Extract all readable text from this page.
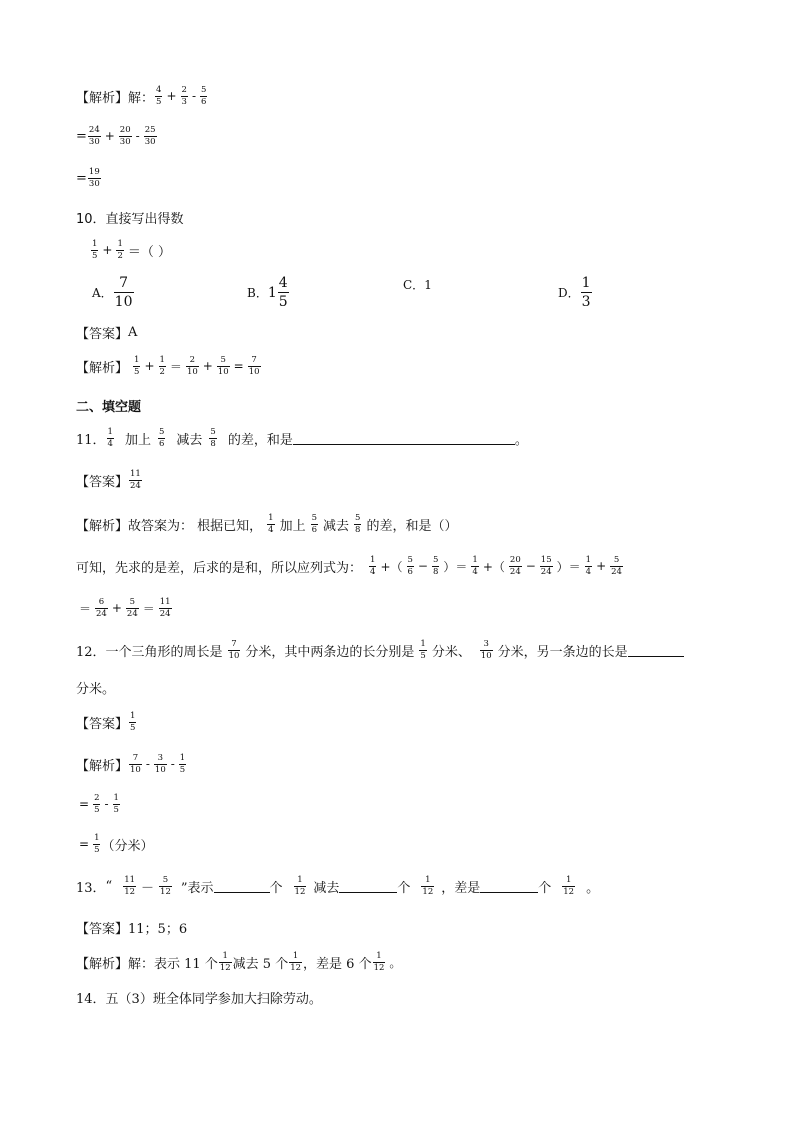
【解析】 解： $\frac{4}{5} + \frac{2}{3} - \frac{5}{6}$
= $\frac{24}{30} + \frac{20}{30} - \frac{25}{30}$
= $\frac{19}{30}$
10．直接写出得数
$\frac{1}{5} + \frac{1}{2}$ ＝（ ）
A． $\frac{7}{10}$	B． $1 \frac{4}{5}$	C． 1
D． $\frac{1}{3}$
【答案】 A
【解析】 $\frac{1}{5} + \frac{1}{2} = \frac{2}{10} + \frac{5}{10} = \frac{7}{10}$
二、填空题
11． $\frac{1}{4}$ 加上 $\frac{5}{6}$ 减去 $\frac{5}{8}$ 的差，和是	。
【答案】 $\frac{11}{24}$
【解析】 故答案为： 根据已知， $\frac{1}{4}$ 加上 $\frac{5}{6}$ 减去 $\frac{5}{8}$ 的差，和是（）
可知，先求的是差，后求的是和，所以应列式为： $\frac{1}{4}$ +（ $\frac{5}{6} - \frac{5}{8}$ ）＝ $\frac{1}{4}$ +（ $\frac{20}{24} - \frac{15}{24}$ ）＝ $\frac{1}{4} + \frac{5}{24}$
＝ $\frac{6}{24} + \frac{5}{24} = \frac{11}{24}$
12． 一个三角形的周长是 $\frac{7}{10}$ 分米，其中两条边的长分别是 $\frac{1}{5}$ 分米、 $\frac{3}{10}$ 分米，另一条边的长是
分米。
【答案】 $\frac{1}{5}$
【解析】 $\frac{7}{10} - \frac{3}{10} - \frac{1}{5}$
= $\frac{2}{5} - \frac{1}{5}$
= $\frac{1}{5}$ （分米）
13． “ $\frac{11}{12} - \frac{5}{12}$ ”表示	个 $\frac{1}{12}$ 减去	个 $\frac{1}{12}$ ，差是	个 $\frac{1}{12}$ 。
【答案】 11；5；6
【解析】 解：表示 11 个 $\frac{1}{12}$ 减去 5 个 $\frac{1}{12}$ ，差是 6 个 $\frac{1}{12}$ 。
14．五（3）班全体同学参加大扫除劳动。
